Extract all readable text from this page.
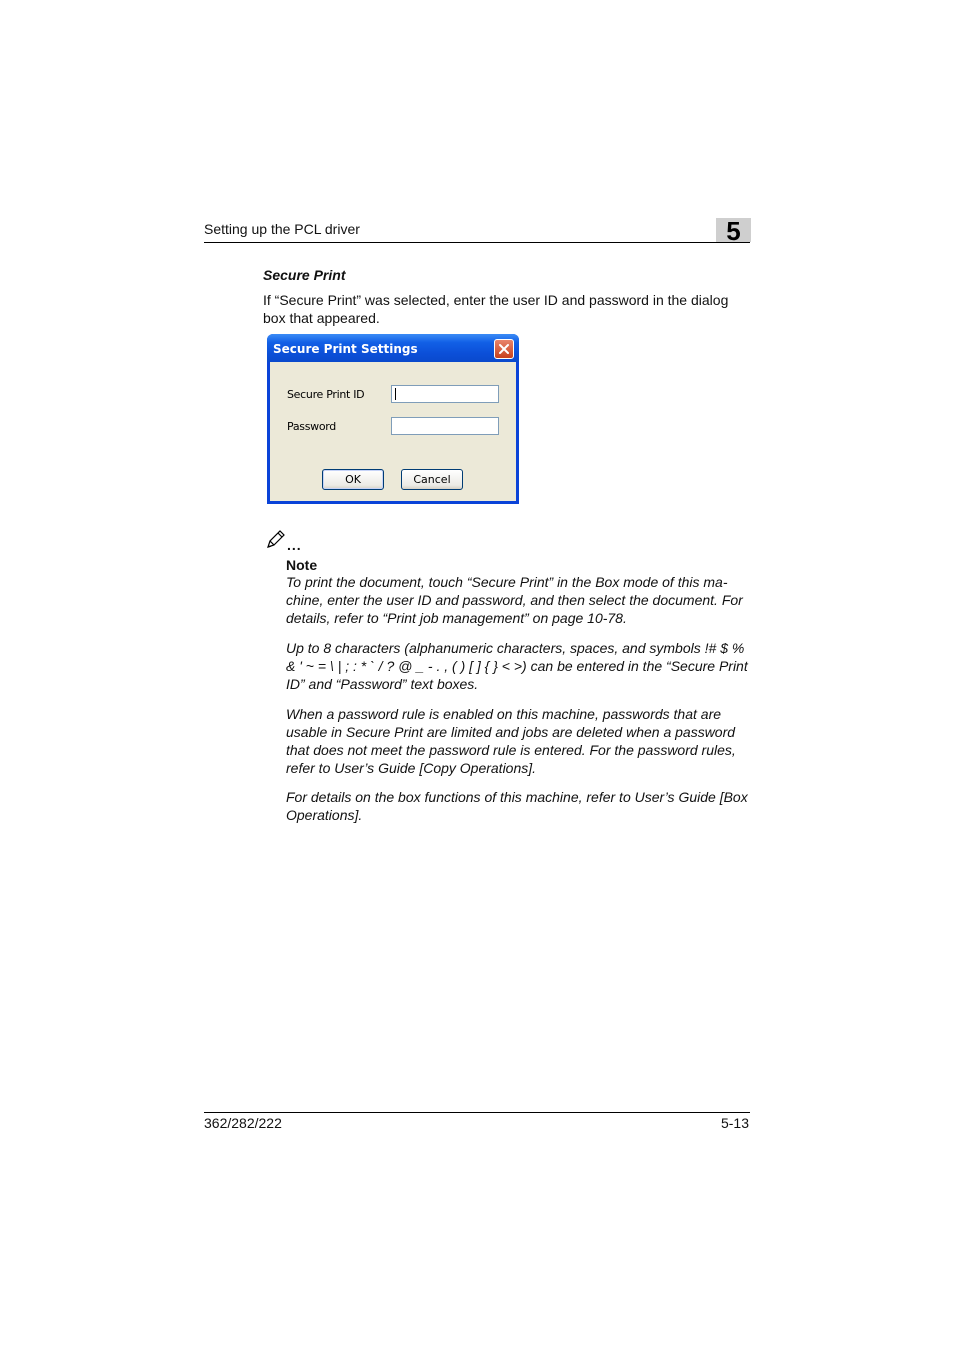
Setting up the PCL driver	5
Secure Print
If “Secure Print” was selected, enter the user ID and password in the dialog box that appeared.
Secure Print Settings
Secure Print ID
Password
OK	Cancel
...
Note
To print the document, touch “Secure Print” in the Box mode of this ma-chine, enter the user ID and password, and then select the document. For details, refer to “Print job management” on page 10-78.
Up to 8 characters (alphanumeric characters, spaces, and symbols !# $ % & ' ~ = \ | ; : * ` / ? @ _ - . , ( ) [ ] { } < >) can be entered in the “Secure Print ID” and “Password” text boxes.
When a password rule is enabled on this machine, passwords that are usable in Secure Print are limited and jobs are deleted when a password that does not meet the password rule is entered. For the password rules, refer to User’s Guide [Copy Operations].
For details on the box functions of this machine, refer to User’s Guide [Box Operations].
362/282/222	5-13
